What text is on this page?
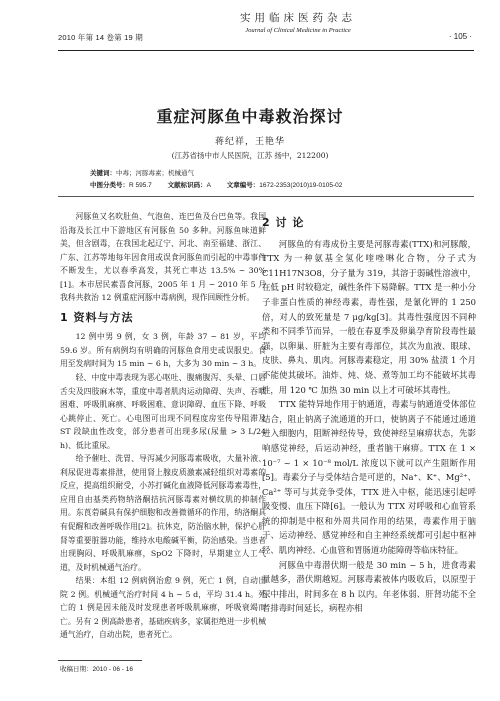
2010 年第 14 卷第 19 期
实用临床医药杂志
Journal of Clinical Medicine in Practice
· 105 ·
重症河豚鱼中毒救治探讨
蒋纪祥，王艳华
(江苏省扬中市人民医院，江苏 扬中，212200)
关键词：中毒；河豚毒素；机械通气
中图分类号：R 595.7 文献标识码：A 文章编号：1672-2353(2010)19-0105-02

河豚鱼又名吹肚鱼、气泡鱼、连巴鱼及台巴鱼等。我国沿海及长江中下游地区有河豚鱼 50 多种。河豚鱼味道鲜美，但含剧毒，在我国北起辽宁、河北、南至福建、浙江、广东、江苏等地每年因食用或误食河豚鱼而引起的中毒事件不断发生，尤以春季高发，其死亡率达 13.5% ~ 30%[1]。本市居民素喜食河豚，2005 年 1 月 ~ 2010 年 5 月我科共救治 12 例重症河豚中毒病例，现作回顾性分析。

1 资料与方法

12 例中男 9 例，女 3 例，年龄 37 ~ 81 岁，平均 59.6 岁。所有病例均有明确的河豚鱼食用史或误服史。食用至发病时间为 15 min ~ 6 h，大多为 30 min ~ 3 h。

轻、中度中毒表现为恶心呕吐、腹痛腹泻、头晕、口唇舌尖及四肢麻木等，重度中毒者肌肉运动障碍、失声、吞咽困难、呼吸肌麻痹、呼吸困难、意识障碍、血压下降、呼吸心跳停止、死亡。心电图可出现不同程度房室传导阻滞及 ST 段缺血性改变，部分患者可出现多尿(尿量 > 3 L/24 h)、低比重尿。

给予催吐、洗胃、导泻减少河豚毒素吸收，大量补液、利尿促进毒素排泄，使用肾上腺皮质激素减轻组织对毒素的反应，提高组织耐受，小苏打碱化血液降低河豚毒素毒性，应用自由基类药物纳洛酮拮抗河豚毒素对横纹肌的抑制作用。东莨菪碱具有保护细胞和改善微循环的作用，纳洛酮具有促醒和改善呼吸作用[2]。抗休克，防治脑水肿，保护心肝肾等重要脏器功能，维持水电酸碱平衡，防治感染。当患者出现胸闷、呼吸肌麻痹，SpO2 下降时，早期建立人工气道，及时机械通气治疗。

结果：本组 12 例病例治愈 9 例，死亡 1 例，自动出院 2 例。机械通气治疗时间 4 h ~ 5 d，平均 31.4 h。死亡的 1 例是因未能及时发现患者呼吸肌麻痹，呼吸衰竭而亡。另有 2 例高龄患者，基础疾病多，家属拒绝进一步机械通气治疗，自动出院，患者死亡。

2 讨 论

河豚鱼的有毒成份主要是河豚毒素(TTX)和河豚酸，TTX 为一种氨基全氢化喹唑啉化合物，分子式为 C11H17N3O8，分子量为 319，其溶于弱碱性溶液中，在低 pH 时较稳定，碱性条件下易降解。TTX 是一种小分子非蛋白性质的神经毒素，毒性强，是氰化钾的 1 250 倍，对人的致死量是 7 μg/kg[3]。其毒性强度因不同种类和不同季节而异，一般在春夏季及卵巢孕育阶段毒性最强，以卵巢、肝脏为主要有毒部位，其次为血液、眼球、皮肤、鼻丸、肌肉。河豚毒素稳定，用 30% 盐渍 1 个月不能使其破坏。油炸、炖、烧、煮等加工均不能破坏其毒性，用 120 ℃ 加热 30 min 以上才可破坏其毒性。

TTX 能特异地作用于钠通道，毒素与钠通道受体部位结合，阻止钠离子流通道的开口，使钠离子不能通过通道进入细胞内，阻断神经传导，致使神经呈麻痹状态，先影响感觉神经，后运动神经，重者脑干麻痹。TTX 在 1 × 10⁻⁷ ~ 1 × 10⁻⁸ mol/L 浓度以下就可以产生阻断作用[5]。毒素分子与受体结合是可逆的，Na⁺、K⁺、Mg²⁺、Ca²⁺ 等可与其竞争受体，TTX 进入中枢，能迅速引起呼吸变慢、血压下降[6]。一般认为 TTX 对呼吸和心血管系统的抑制是中枢和外周共同作用的结果，毒素作用于脑干、运动神经、感觉神经和自主神经系统都可引起中枢神经、肌肉神经、心血管和胃肠道功能障碍等临床特征。

河豚鱼中毒潜伏期一般是 30 min ~ 5 h，进食毒素量越多，潜伏期越短。河豚毒素被体内吸收后，以原型于尿中排出，时间多在 8 h 以内。年老体弱、肝肾功能不全者排毒时间延长，病程亦相

收稿日期：2010 - 06 - 16
